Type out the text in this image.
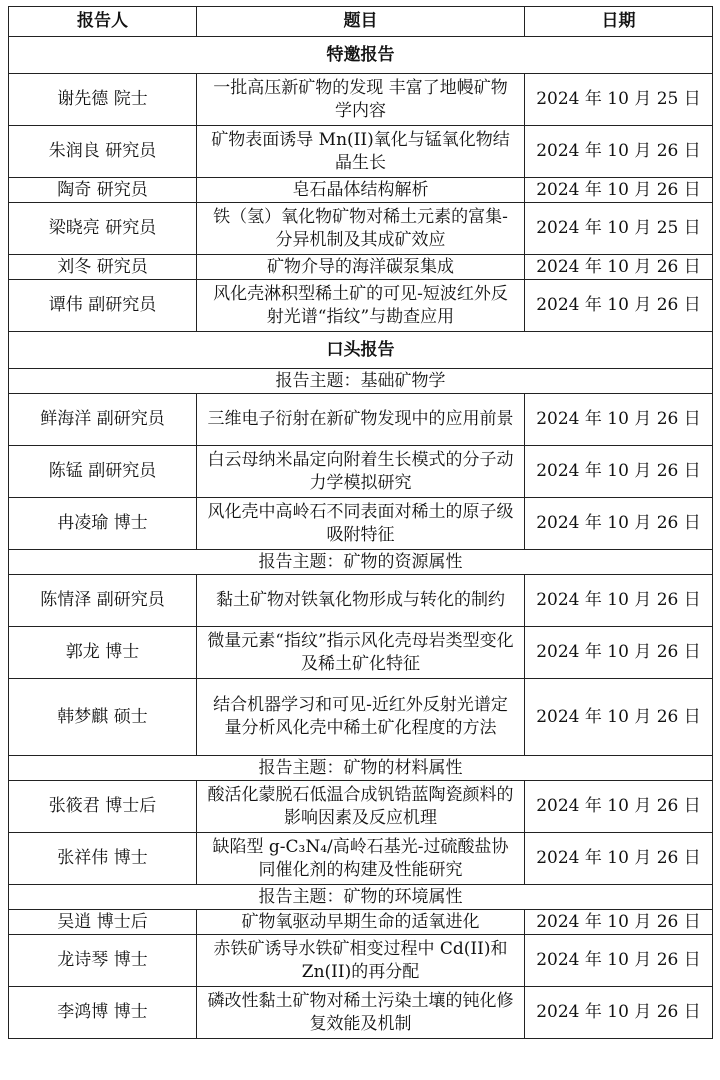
报告人	题目	日期
特邀报告		
谢先德 院士	一批高压新矿物的发现 丰富了地幔矿物学内容	2024 年 10 月 25 日
朱润良 研究员	矿物表面诱导 Mn(II)氧化与锰氧化物结晶生长	2024 年 10 月 26 日
陶奇 研究员	皂石晶体结构解析	2024 年 10 月 26 日
梁晓亮 研究员	铁（氢）氧化物矿物对稀土元素的富集-分异机制及其成矿效应	2024 年 10 月 25 日
刘冬 研究员	矿物介导的海洋碳泵集成	2024 年 10 月 26 日
谭伟 副研究员	风化壳淋积型稀土矿的可见-短波红外反射光谱“指纹”与勘查应用	2024 年 10 月 26 日
口头报告		
报告主题：基础矿物学		
鲜海洋 副研究员	三维电子衍射在新矿物发现中的应用前景	2024 年 10 月 26 日
陈锰 副研究员	白云母纳米晶定向附着生长模式的分子动力学模拟研究	2024 年 10 月 26 日
冉凌瑜 博士	风化壳中高岭石不同表面对稀土的原子级吸附特征	2024 年 10 月 26 日
报告主题：矿物的资源属性		
陈情泽 副研究员	黏土矿物对铁氧化物形成与转化的制约	2024 年 10 月 26 日
郭龙 博士	微量元素“指纹”指示风化壳母岩类型变化及稀土矿化特征	2024 年 10 月 26 日
韩梦麒 硕士	结合机器学习和可见-近红外反射光谱定量分析风化壳中稀土矿化程度的方法	2024 年 10 月 26 日
报告主题：矿物的材料属性		
张筱君 博士后	酸活化蒙脱石低温合成钒锆蓝陶瓷颜料的影响因素及反应机理	2024 年 10 月 26 日
张祥伟 博士	缺陷型 g-C₃N₄/高岭石基光-过硫酸盐协同催化剂的构建及性能研究	2024 年 10 月 26 日
报告主题：矿物的环境属性		
吴逍 博士后	矿物氧驱动早期生命的适氧进化	2024 年 10 月 26 日
龙诗琴 博士	赤铁矿诱导水铁矿相变过程中 Cd(II)和 Zn(II)的再分配	2024 年 10 月 26 日
李鸿博 博士	磷改性黏土矿物对稀土污染土壤的钝化修复效能及机制	2024 年 10 月 26 日
